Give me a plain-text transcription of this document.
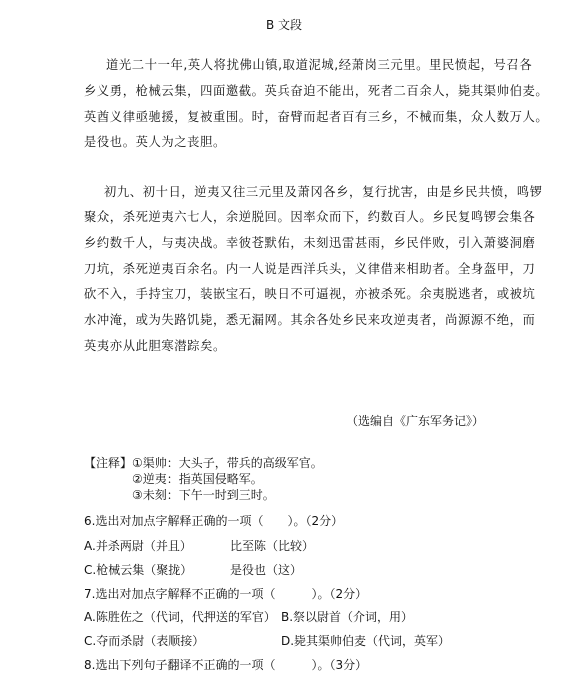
B 文段
道光二十一年,英人将扰佛山镇,取道泥城,经萧岗三元里。里民愤起，号召各
乡义勇，枪械云集，四面邀截。英兵奋迫不能出，死者二百余人，毙其渠帅伯麦。
英酋义律亟驰援，复被重围。时，奋臂而起者百有三乡，不械而集，众人数万人。
是役也。英人为之丧胆。
初九、初十日，逆夷又往三元里及萧冈各乡，复行扰害，由是乡民共愤，鸣锣
聚众，杀死逆夷六七人，余逆脱回。因率众而下，约数百人。乡民复鸣锣会集各
乡约数千人，与夷决战。幸彼苍默佑，未刻迅雷甚雨，乡民伴败，引入萧婆洞磨
刀坑，杀死逆夷百余名。内一人说是西洋兵头，义律借来相助者。全身盔甲，刀
砍不入，手持宝刀，装嵌宝石，映日不可逼视，亦被杀死。余夷脱逃者，或被坑
水冲淹，或为失路饥毙，悉无漏网。其余各处乡民来攻逆夷者，尚源源不绝，而
英夷亦从此胆寒潜踪矣。
（选编自《广东军务记》）
【注释】 ①渠帅：大头子，带兵的高级军官。
②逆夷：指英国侵略军。
③未刻：下午一时到三时。
6.选出对加点字解释正确的一项（　　）。（2分）
A.并杀两尉（并且）	比至陈（比较）
C.枪械云集（聚拢）	是役也（这）
7.选出对加点字解释不正确的一项（　　　）。（2分）
A.陈胜佐之（代词，代押送的军官） B.祭以尉首（介词，用）
C.夺而杀尉（表顺接）	D.毙其渠帅伯麦（代词，英军）
8.选出下列句子翻译不正确的一项（　　　）。（3分）
